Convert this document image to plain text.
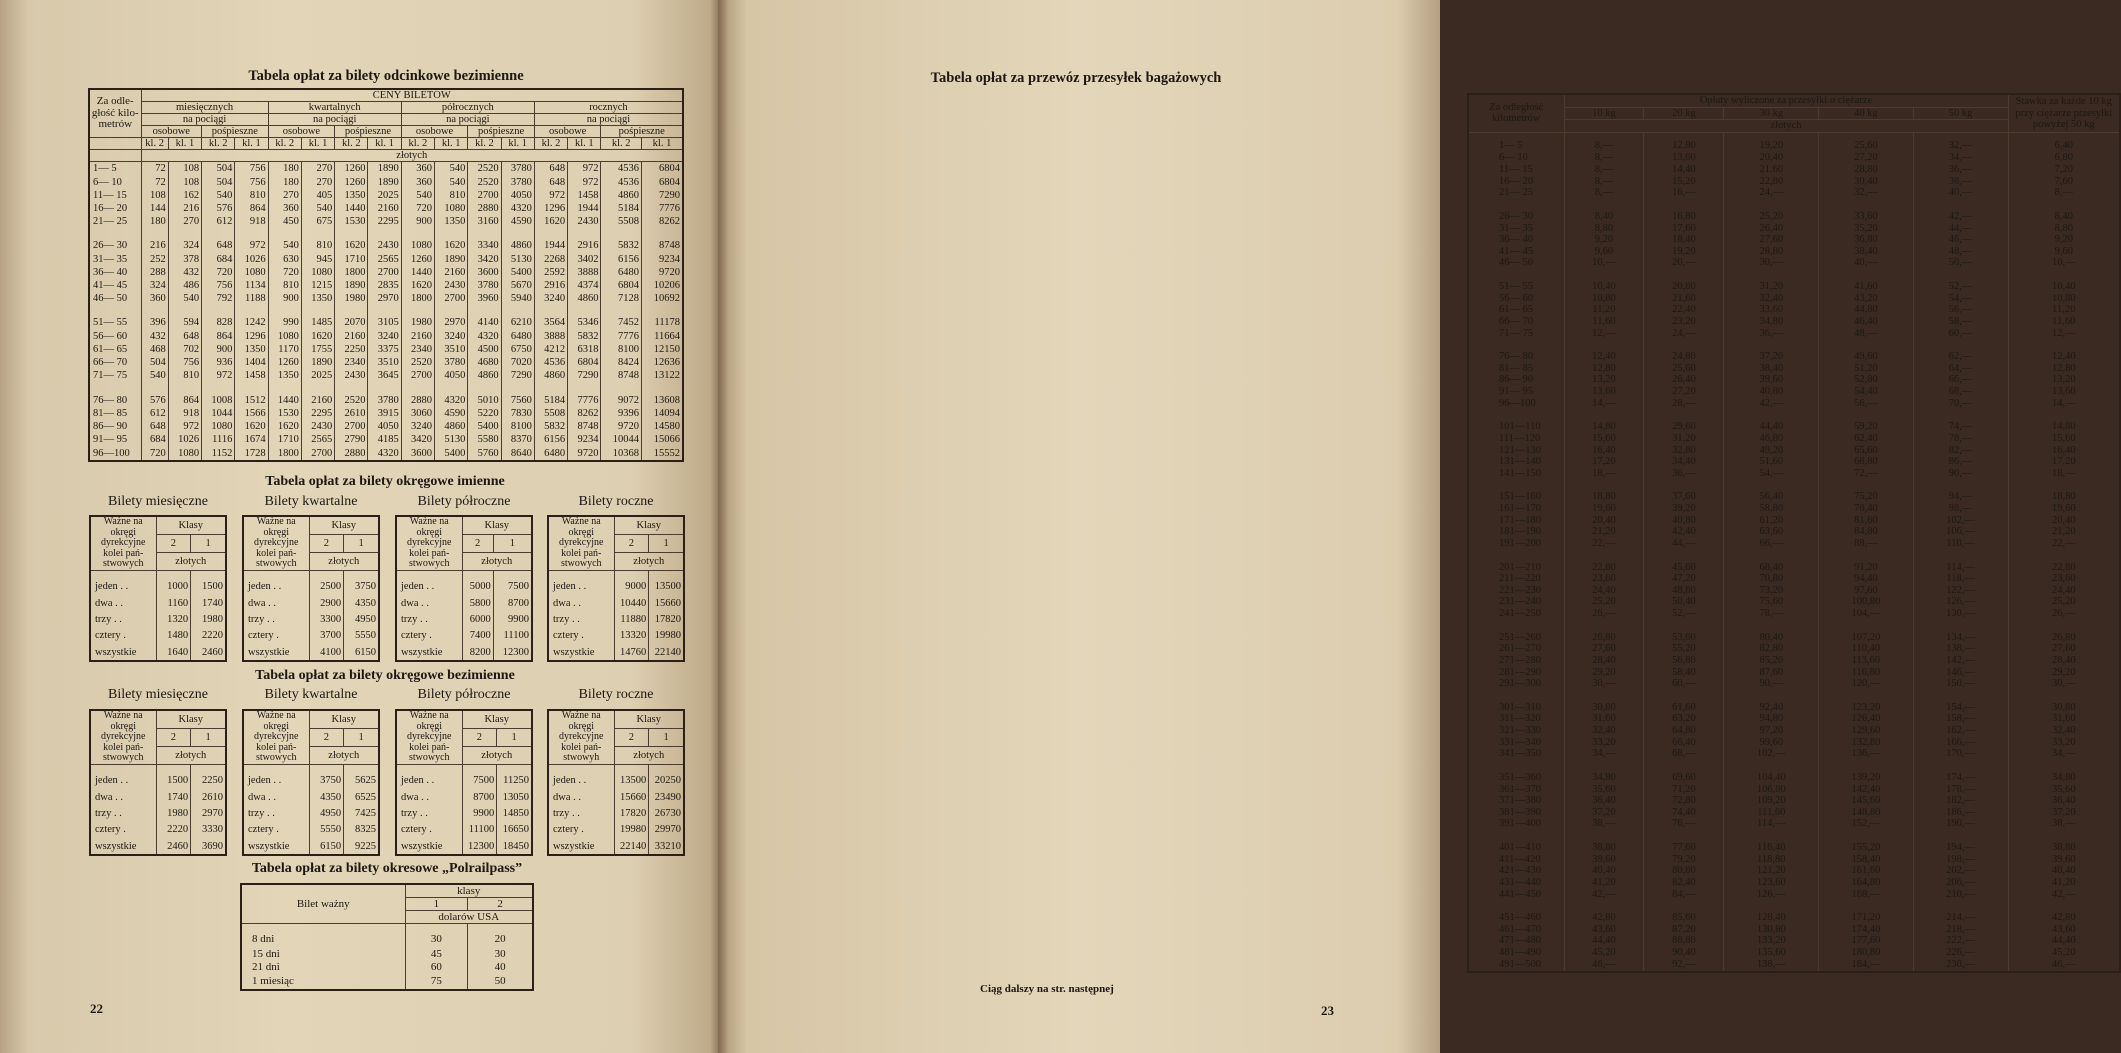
Tabela opłat za bilety odcinkowe bezimienne
Za odle-głość kilo-metrów	CENY BILETÓW															
	miesięcznych				kwartalnych				półrocznych				rocznych			
	na pociągi				na pociągi				na pociągi				na pociągi			
	osobowe		pośpieszne		osobowe		pośpieszne		osobowe		pośpieszne		osobowe		pośpieszne	
	kl. 2	kl. 1	kl. 2	kl. 1	kl. 2	kl. 1	kl. 2	kl. 1	kl. 2	kl. 1	kl. 2	kl. 1	kl. 2	kl. 1	kl. 2	kl. 1
	złotych															
1— 5	72	108	504	756	180	270	1260	1890	360	540	2520	3780	648	972	4536	6804
6— 10	72	108	504	756	180	270	1260	1890	360	540	2520	3780	648	972	4536	6804
11— 15	108	162	540	810	270	405	1350	2025	540	810	2700	4050	972	1458	4860	7290
16— 20	144	216	576	864	360	540	1440	2160	720	1080	2880	4320	1296	1944	5184	7776
21— 25	180	270	612	918	450	675	1530	2295	900	1350	3160	4590	1620	2430	5508	8262

26— 30	216	324	648	972	540	810	1620	2430	1080	1620	3340	4860	1944	2916	5832	8748
31— 35	252	378	684	1026	630	945	1710	2565	1260	1890	3420	5130	2268	3402	6156	9234
36— 40	288	432	720	1080	720	1080	1800	2700	1440	2160	3600	5400	2592	3888	6480	9720
41— 45	324	486	756	1134	810	1215	1890	2835	1620	2430	3780	5670	2916	4374	6804	10206
46— 50	360	540	792	1188	900	1350	1980	2970	1800	2700	3960	5940	3240	4860	7128	10692

51— 55	396	594	828	1242	990	1485	2070	3105	1980	2970	4140	6210	3564	5346	7452	11178
56— 60	432	648	864	1296	1080	1620	2160	3240	2160	3240	4320	6480	3888	5832	7776	11664
61— 65	468	702	900	1350	1170	1755	2250	3375	2340	3510	4500	6750	4212	6318	8100	12150
66— 70	504	756	936	1404	1260	1890	2340	3510	2520	3780	4680	7020	4536	6804	8424	12636
71— 75	540	810	972	1458	1350	2025	2430	3645	2700	4050	4860	7290	4860	7290	8748	13122

76— 80	576	864	1008	1512	1440	2160	2520	3780	2880	4320	5010	7560	5184	7776	9072	13608
81— 85	612	918	1044	1566	1530	2295	2610	3915	3060	4590	5220	7830	5508	8262	9396	14094
86— 90	648	972	1080	1620	1620	2430	2700	4050	3240	4860	5400	8100	5832	8748	9720	14580
91— 95	684	1026	1116	1674	1710	2565	2790	4185	3420	5130	5580	8370	6156	9234	10044	15066
96—100	720	1080	1152	1728	1800	2700	2880	4320	3600	5400	5760	8640	6480	9720	10368	15552
Tabela opłat za bilety okręgowe imienne
Bilety miesięczne	Bilety kwartalne	Bilety półroczne	Bilety roczne
Ważne na okręgi dyrekcyjne kolei pań-stwowych	Klasy	
	2	1
	złotych	
jeden . .	1000	1500
dwa . .	1160	1740
trzy . .	1320	1980
cztery .	1480	2220
wszystkie	1640	2460
Ważne na okręgi dyrekcyjne kolei pań-stwowych	Klasy	
	2	1
	złotych	
jeden . .	2500	3750
dwa . .	2900	4350
trzy . .	3300	4950
cztery .	3700	5550
wszystkie	4100	6150
Ważne na okręgi dyrekcyjne kolei pań-stwowych	Klasy	
	2	1
	złotych	
jeden . .	5000	7500
dwa . .	5800	8700
trzy . .	6000	9900
cztery .	7400	11100
wszystkie	8200	12300
Ważne na okręgi dyrekcyjne kolei pań-stwowych	Klasy	
	2	1
	złotych	
jeden . .	9000	13500
dwa . .	10440	15660
trzy . .	11880	17820
cztery .	13320	19980
wszystkie	14760	22140
Tabela opłat za bilety okręgowe bezimienne
Bilety miesięczne	Bilety kwartalne	Bilety półroczne	Bilety roczne
Ważne na okręgi dyrekcyjne kolei pań-stwowych	Klasy	
	2	1
	złotych	
jeden . .	1500	2250
dwa . .	1740	2610
trzy . .	1980	2970
cztery .	2220	3330
wszystkie	2460	3690
Ważne na okręgi dyrekcyjne kolei pań-stwowych	Klasy	
	2	1
	złotych	
jeden . .	3750	5625
dwa . .	4350	6525
trzy . .	4950	7425
cztery .	5550	8325
wszystkie	6150	9225
Ważne na okręgi dyrekcyjne kolei pań-stwowych	Klasy	
	2	1
	złotych	
jeden . .	7500	11250
dwa . .	8700	13050
trzy . .	9900	14850
cztery .	11100	16650
wszystkie	12300	18450
Ważne na okręgi dyrekcyjne kolei pań-stwowyh	Klasy	
	2	1
	złotych	
jeden . .	13500	20250
dwa . .	15660	23490
trzy . .	17820	26730
cztery .	19980	29970
wszystkie	22140	33210
Tabela opłat za bilety okresowe „Polrailpass”
Bilet ważny	klasy	
	1	2
	dolarów USA	
8 dni	30	20
15 dni	45	30
21 dni	60	40
1 miesiąc	75	50
22
Tabela opłat za przewóz przesyłek bagażowych
Za odległość kilometrów	Opłaty wyliczone za przesyłki o ciężarze					Stawka za każde 10 kg przy ciężarze przesyłki powyżej 50 kg
	10 kg	20 kg	30 kg	40 kg	50 kg	
	złotych					
1— 5	8,—	12,80	19,20	25,60	32,—	6,40
6— 10	8,—	13,60	20,40	27,20	34,—	6,80
11— 15	8,—	14,40	21,60	28,80	36,—	7,20
16— 20	8,—	15,20	22,80	30,40	38,—	7,60
21— 25	8,—	16,—	24,—	32,—	40,—	8,—

26— 30	8,40	16,80	25,20	33,60	42,—	8,40
31— 35	8,80	17,60	26,40	35,20	44,—	8,80
36— 40	9,20	18,40	27,60	36,80	46,—	9,20
41— 45	9,60	19,20	28,80	38,40	48,—	9,60
46— 50	10,—	20,—	30,—	40,—	50,—	10,—

51— 55	10,40	20,80	31,20	41,60	52,—	10,40
56— 60	10,80	21,60	32,40	43,20	54,—	10,80
61— 65	11,20	22,40	33,60	44,80	56,—	11,20
66— 70	11,60	23,20	34,80	46,40	58,—	11,60
71— 75	12,—	24,—	36,—	48,—	60,—	12,—

76— 80	12,40	24,80	37,20	49,60	62,—	12,40
81— 85	12,80	25,60	38,40	51,20	64,—	12,80
86— 90	13,20	26,40	39,60	52,80	66,—	13,20
91— 95	13,60	27,20	40,80	54,40	68,—	13,60
96—100	14,—	28,—	42,—	56,—	70,—	14,—

101—110	14,80	29,60	44,40	59,20	74,—	14,80
111—120	15,60	31,20	46,80	62,40	78,—	15,60
121—130	16,40	32,80	49,20	65,60	82,—	16,40
131—140	17,20	34,40	51,60	68,80	86,—	17,20
141—150	18,—	36,—	54,—	72,—	90,—	18,—

151—160	18,80	37,60	56,40	75,20	94,—	18,80
161—170	19,60	39,20	58,80	78,40	98,—	19,60
171—180	20,40	40,80	61,20	81,60	102,—	20,40
181—190	21,20	42,40	63,60	84,80	106,—	21,20
191—200	22,—	44,—	66,—	88,—	110,—	22,—

201—210	22,80	45,60	68,40	91,20	114,—	22,80
211—220	23,60	47,20	70,80	94,40	118,—	23,60
221—230	24,40	48,80	73,20	97,60	122,—	24,40
231—240	25,20	50,40	75,60	100,80	126,—	25,20
241—250	26,—	52,—	78,—	104,—	130,—	26,—

251—260	26,80	53,60	80,40	107,20	134,—	26,80
261—270	27,60	55,20	82,80	110,40	138,—	27,60
271—280	28,40	56,80	85,20	113,60	142,—	28,40
281—290	29,20	58,40	87,60	116,80	146,—	29,20
291—300	30,—	60,—	90,—	120,—	150,—	30,—

301—310	30,80	61,60	92,40	123,20	154,—	30,80
311—320	31,60	63,20	94,80	126,40	158,—	31,60
321—330	32,40	64,80	97,20	129,60	162,—	32,40
331—340	33,20	66,40	99,60	132,80	166,—	33,20
341—350	34,—	68,—	102,—	136,—	170,—	34,—

351—360	34,80	69,60	104,40	139,20	174,—	34,80
361—370	35,60	71,20	106,80	142,40	178,—	35,60
371—380	36,40	72,80	109,20	145,60	182,—	36,40
381—390	37,20	74,40	111,60	148,80	186,—	37,20
391—400	38,—	76,—	114,—	152,—	190,—	38,—

401—410	38,80	77,60	116,40	155,20	194,—	38,80
411—420	39,60	79,20	118,80	158,40	198,—	39,60
421—430	40,40	80,80	121,20	161,60	202,—	40,40
431—440	41,20	82,40	123,60	164,80	206,—	41,20
441—450	42,—	84,—	126,—	168,—	210,—	42,—

451—460	42,80	85,60	128,40	171,20	214,—	42,80
461—470	43,60	87,20	130,80	174,40	218,—	43,60
471—480	44,40	88,80	133,20	177,60	222,—	44,40
481—490	45,20	90,40	135,60	180,80	226,—	45,20
491—500	46,—	92,—	138,—	184,—	230,—	46,—
Ciąg dalszy na str. następnej
23
